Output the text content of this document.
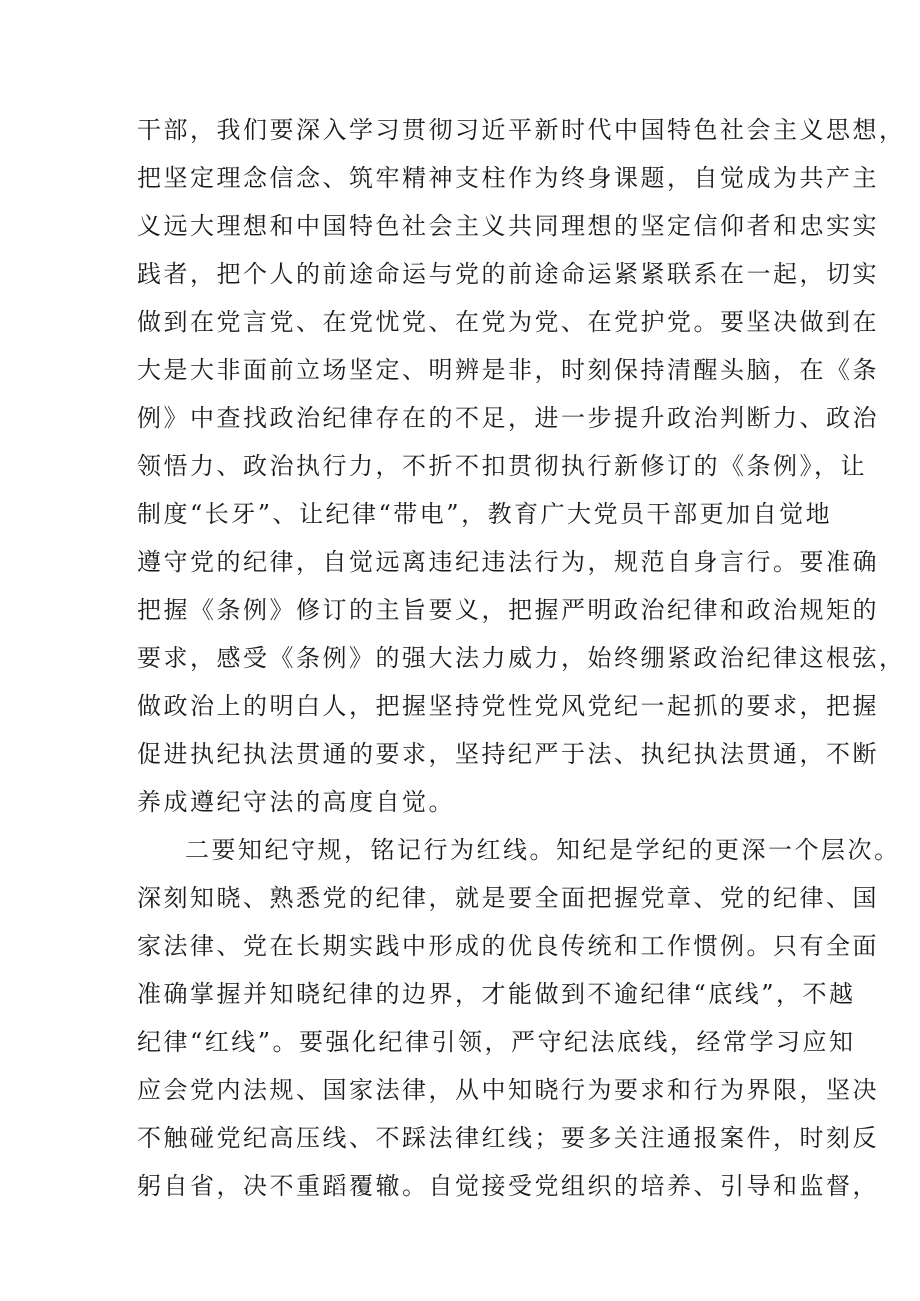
干部，我们要深入学习贯彻习近平新时代中国特色社会主义思想，
把坚定理念信念、筑牢精神支柱作为终身课题，自觉成为共产主
义远大理想和中国特色社会主义共同理想的坚定信仰者和忠实实
践者，把个人的前途命运与党的前途命运紧紧联系在一起，切实
做到在党言党、在党忧党、在党为党、在党护党。要坚决做到在
大是大非面前立场坚定、明辨是非，时刻保持清醒头脑，在《条
例》中查找政治纪律存在的不足，进一步提升政治判断力、政治
领悟力、政治执行力，不折不扣贯彻执行新修订的《条例》，让
制度“长牙”、让纪律“带电”，教育广大党员干部更加自觉地
遵守党的纪律，自觉远离违纪违法行为，规范自身言行。要准确
把握《条例》修订的主旨要义，把握严明政治纪律和政治规矩的
要求，感受《条例》的强大法力威力，始终绷紧政治纪律这根弦，
做政治上的明白人，把握坚持党性党风党纪一起抓的要求，把握
促进执纪执法贯通的要求，坚持纪严于法、执纪执法贯通，不断
养成遵纪守法的高度自觉。
二要知纪守规，铭记行为红线。知纪是学纪的更深一个层次。
深刻知晓、熟悉党的纪律，就是要全面把握党章、党的纪律、国
家法律、党在长期实践中形成的优良传统和工作惯例。只有全面
准确掌握并知晓纪律的边界，才能做到不逾纪律“底线”，不越
纪律“红线”。要强化纪律引领，严守纪法底线，经常学习应知
应会党内法规、国家法律，从中知晓行为要求和行为界限，坚决
不触碰党纪高压线、不踩法律红线；要多关注通报案件，时刻反
躬自省，决不重蹈覆辙。自觉接受党组织的培养、引导和监督，
